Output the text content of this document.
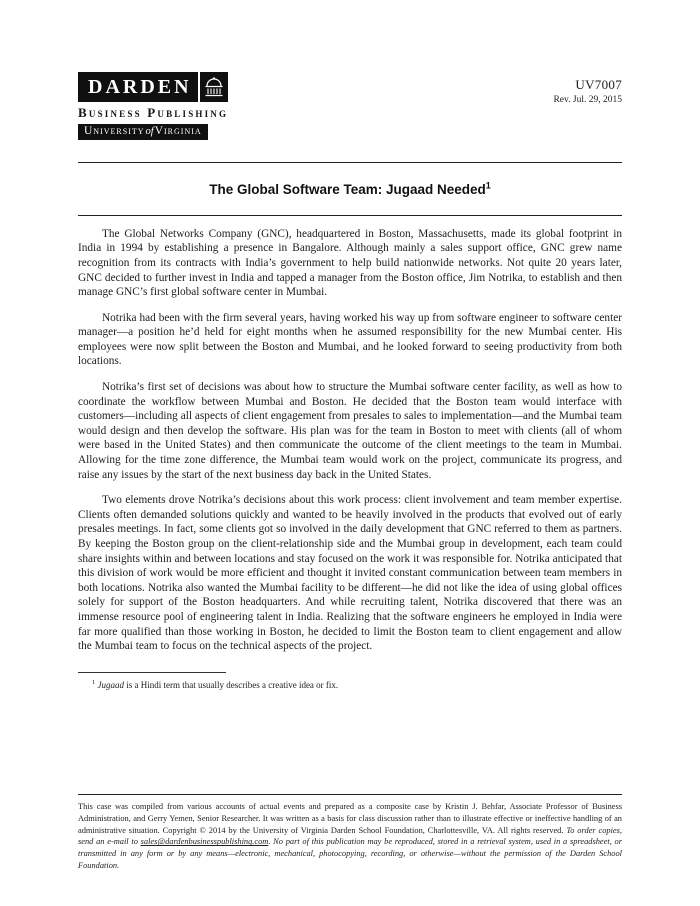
DARDEN
Business Publishing
UniversityofVirginia
UV7007
Rev. Jul. 29, 2015
The Global Software Team: Jugaad Needed$^1$

The Global Networks Company (GNC), headquartered in Boston, Massachusetts, made its global footprint in India in 1994 by establishing a presence in Bangalore. Although mainly a sales support office, GNC grew name recognition from its contracts with India’s government to help build nationwide networks. Not quite 20 years later, GNC decided to further invest in India and tapped a manager from the Boston office, Jim Notrika, to establish and then manage GNC’s first global software center in Mumbai.

Notrika had been with the firm several years, having worked his way up from software engineer to software center manager—a position he’d held for eight months when he assumed responsibility for the new Mumbai center. His employees were now split between the Boston and Mumbai, and he looked forward to seeing productivity from both locations.

Notrika’s first set of decisions was about how to structure the Mumbai software center facility, as well as how to coordinate the workflow between Mumbai and Boston. He decided that the Boston team would interface with customers—including all aspects of client engagement from presales to sales to implementation—and the Mumbai team would design and then develop the software. His plan was for the team in Boston to meet with clients (all of whom were based in the United States) and then communicate the outcome of the client meetings to the team in Mumbai. Allowing for the time zone difference, the Mumbai team would work on the project, communicate its progress, and raise any issues by the start of the next business day back in the United States.

Two elements drove Notrika’s decisions about this work process: client involvement and team member expertise. Clients often demanded solutions quickly and wanted to be heavily involved in the products that evolved out of early presales meetings. In fact, some clients got so involved in the daily development that GNC referred to them as partners. By keeping the Boston group on the client-relationship side and the Mumbai group in development, each team could share insights within and between locations and stay focused on the work it was responsible for. Notrika anticipated that this division of work would be more efficient and thought it invited constant communication between team members in both locations. Notrika also wanted the Mumbai facility to be different—he did not like the idea of using global offices solely for support of the Boston headquarters. And while recruiting talent, Notrika discovered that there was an immense resource pool of engineering talent in India. Realizing that the software engineers he employed in India were far more qualified than those working in Boston, he decided to limit the Boston team to client engagement and allow the Mumbai team to focus on the technical aspects of the project.

$^1$ Jugaad is a Hindi term that usually describes a creative idea or fix.
This case was compiled from various accounts of actual events and prepared as a composite case by Kristin J. Behfar, Associate Professor of Business Administration, and Gerry Yemen, Senior Researcher. It was written as a basis for class discussion rather than to illustrate effective or ineffective handling of an administrative situation. Copyright © 2014 by the University of Virginia Darden School Foundation, Charlottesville, VA. All rights reserved. To order copies, send an e-mail to sales@dardenbusinesspublishing.com. No part of this publication may be reproduced, stored in a retrieval system, used in a spreadsheet, or transmitted in any form or by any means—electronic, mechanical, photocopying, recording, or otherwise—without the permission of the Darden School Foundation.
